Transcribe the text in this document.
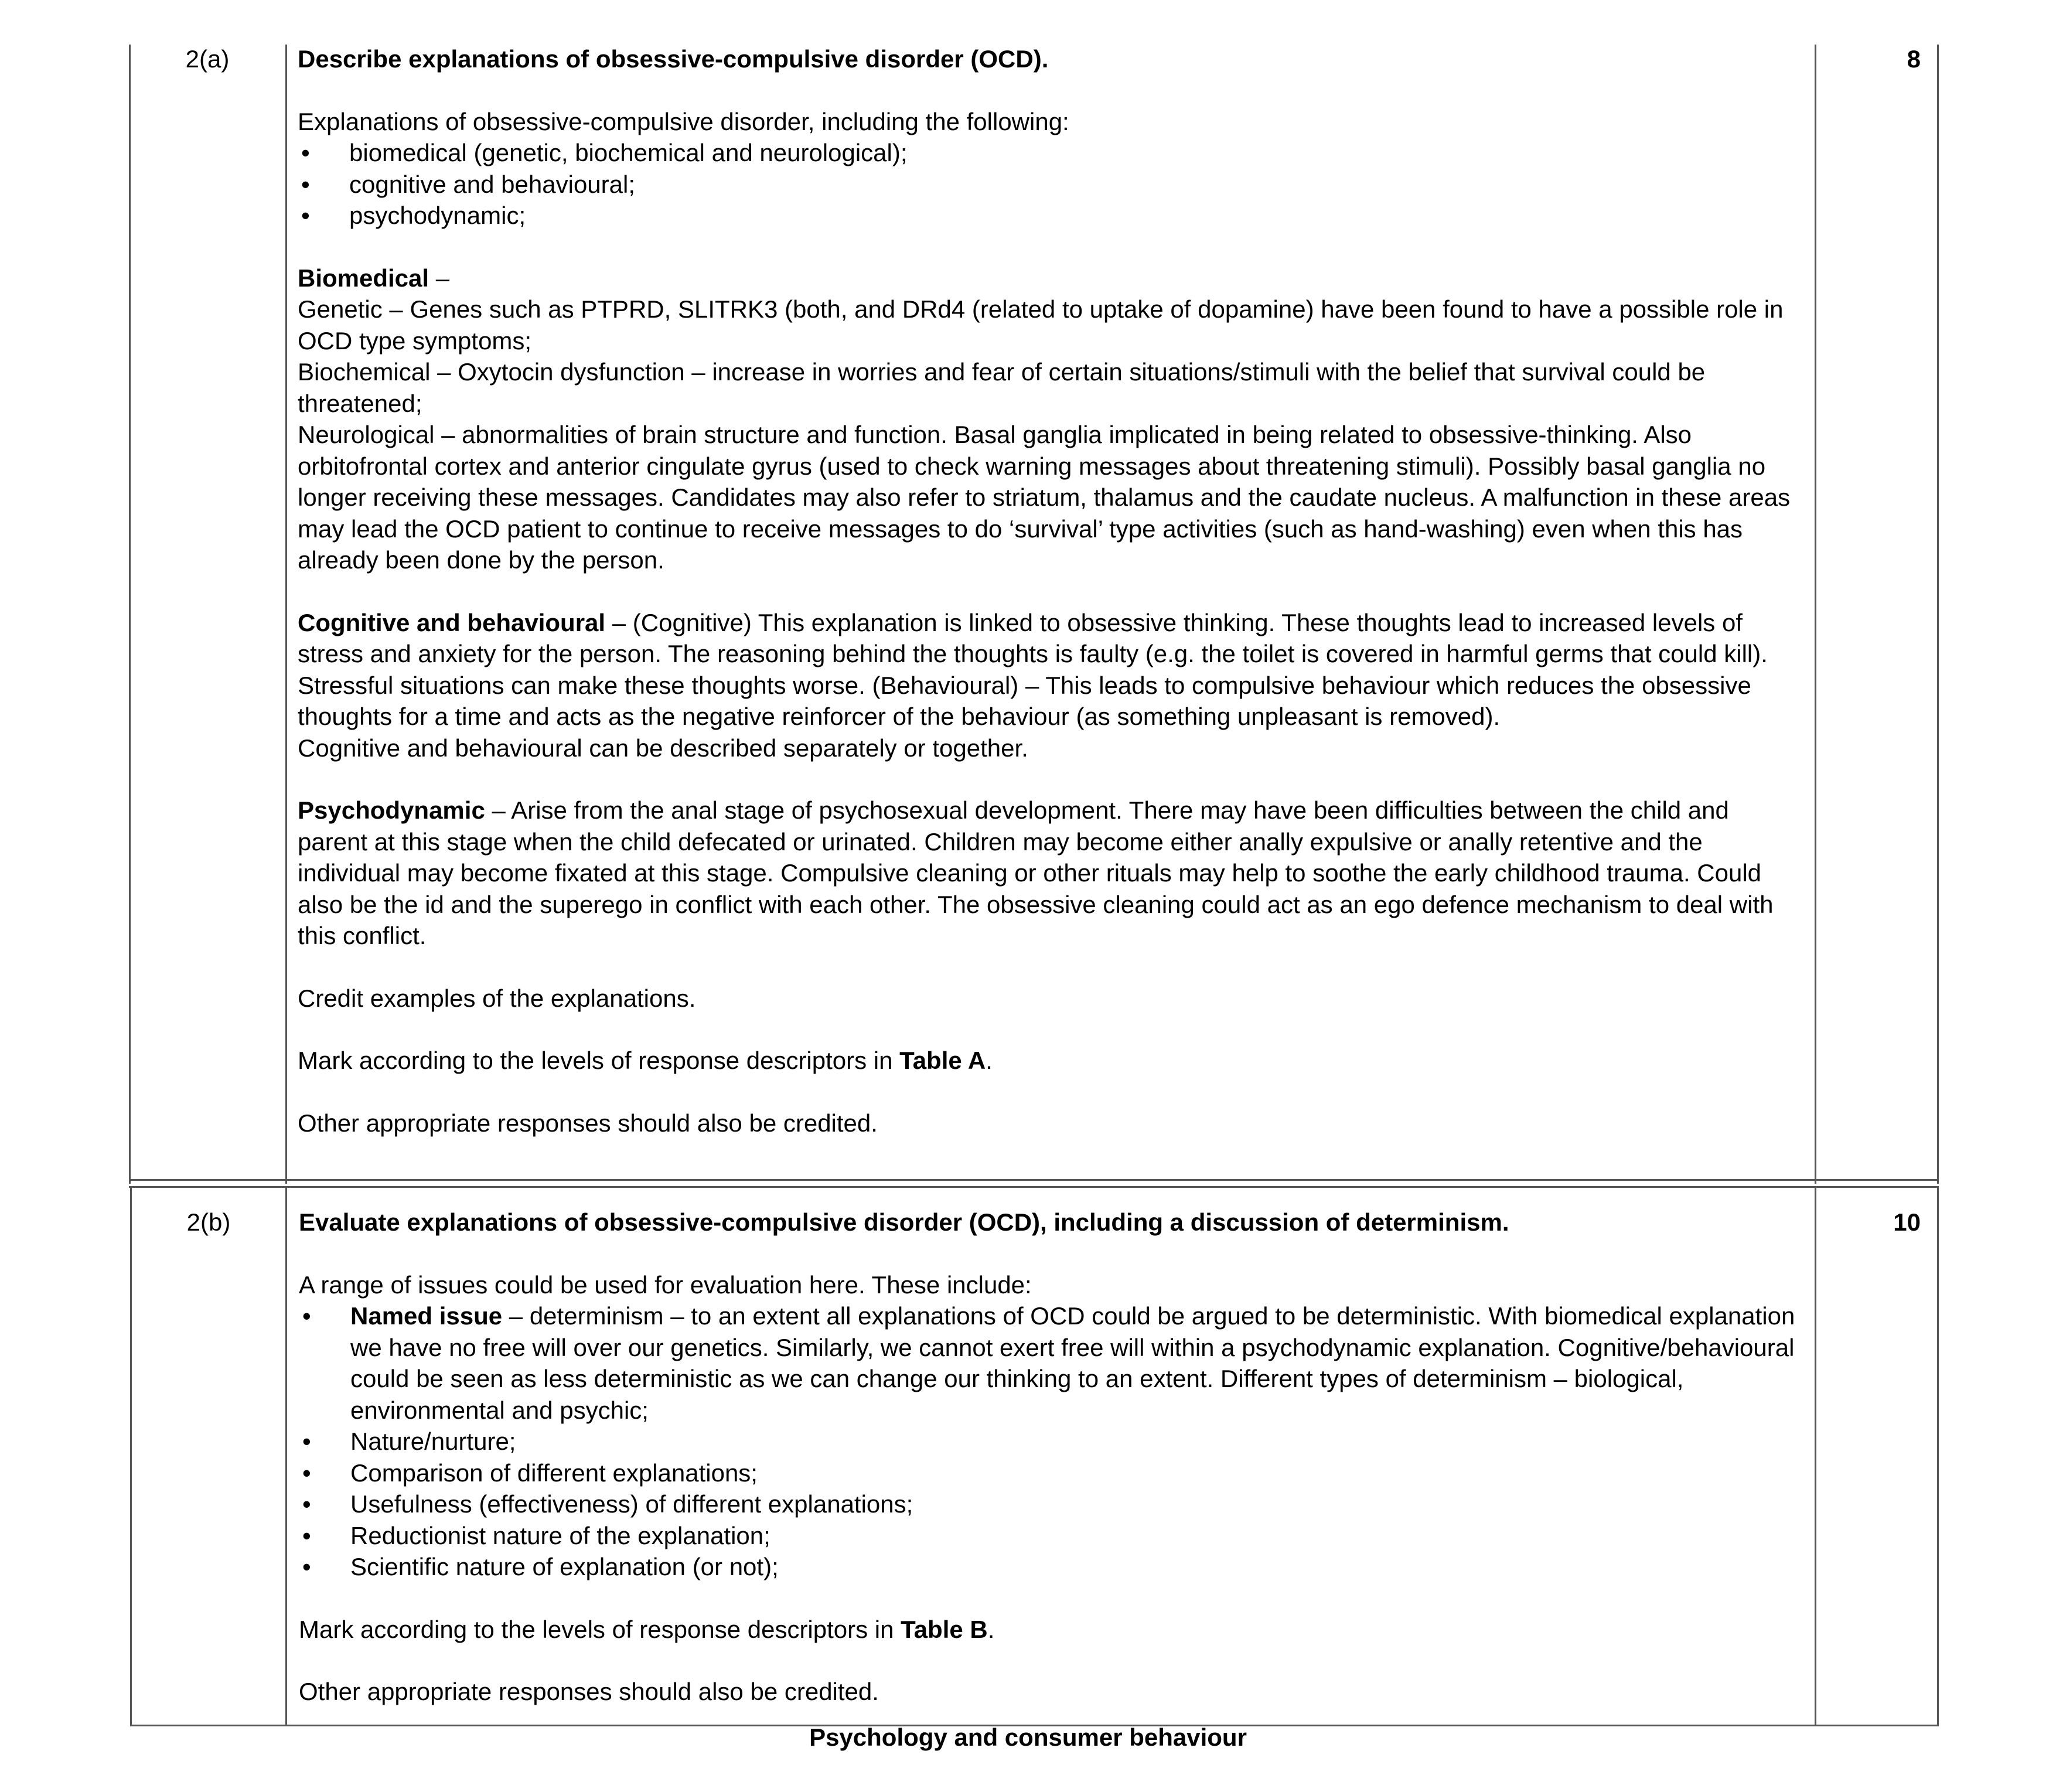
2(a)	8

Describe explanations of obsessive-compulsive disorder (OCD).

Explanations of obsessive-compulsive disorder, including the following:

• biomedical (genetic, biochemical and neurological);
• cognitive and behavioural;
• psychodynamic;

Biomedical –

Genetic – Genes such as PTPRD, SLITRK3 (both, and DRd4 (related to uptake of dopamine) have been found to have a possible role in OCD type symptoms;

Biochemical – Oxytocin dysfunction – increase in worries and fear of certain situations/stimuli with the belief that survival could be threatened;

Neurological – abnormalities of brain structure and function. Basal ganglia implicated in being related to obsessive-thinking. Also orbitofrontal cortex and anterior cingulate gyrus (used to check warning messages about threatening stimuli). Possibly basal ganglia no longer receiving these messages. Candidates may also refer to striatum, thalamus and the caudate nucleus. A malfunction in these areas may lead the OCD patient to continue to receive messages to do ‘survival’ type activities (such as hand-washing) even when this has already been done by the person.

Cognitive and behavioural – (Cognitive) This explanation is linked to obsessive thinking. These thoughts lead to increased levels of stress and anxiety for the person. The reasoning behind the thoughts is faulty (e.g. the toilet is covered in harmful germs that could kill). Stressful situations can make these thoughts worse. (Behavioural) – This leads to compulsive behaviour which reduces the obsessive thoughts for a time and acts as the negative reinforcer of the behaviour (as something unpleasant is removed).

Cognitive and behavioural can be described separately or together.

Psychodynamic – Arise from the anal stage of psychosexual development. There may have been difficulties between the child and parent at this stage when the child defecated or urinated. Children may become either anally expulsive or anally retentive and the individual may become fixated at this stage. Compulsive cleaning or other rituals may help to soothe the early childhood trauma. Could also be the id and the superego in conflict with each other. The obsessive cleaning could act as an ego defence mechanism to deal with this conflict.

Credit examples of the explanations.

Mark according to the levels of response descriptors in Table A.

Other appropriate responses should also be credited.

2(b)	10

Evaluate explanations of obsessive-compulsive disorder (OCD), including a discussion of determinism.

A range of issues could be used for evaluation here. These include:

• Named issue – determinism – to an extent all explanations of OCD could be argued to be deterministic. With biomedical explanation we have no free will over our genetics. Similarly, we cannot exert free will within a psychodynamic explanation. Cognitive/behavioural could be seen as less deterministic as we can change our thinking to an extent. Different types of determinism – biological, environmental and psychic;
• Nature/nurture;
• Comparison of different explanations;
• Usefulness (effectiveness) of different explanations;
• Reductionist nature of the explanation;
• Scientific nature of explanation (or not);

Mark according to the levels of response descriptors in Table B.

Other appropriate responses should also be credited.

Psychology and consumer behaviour
